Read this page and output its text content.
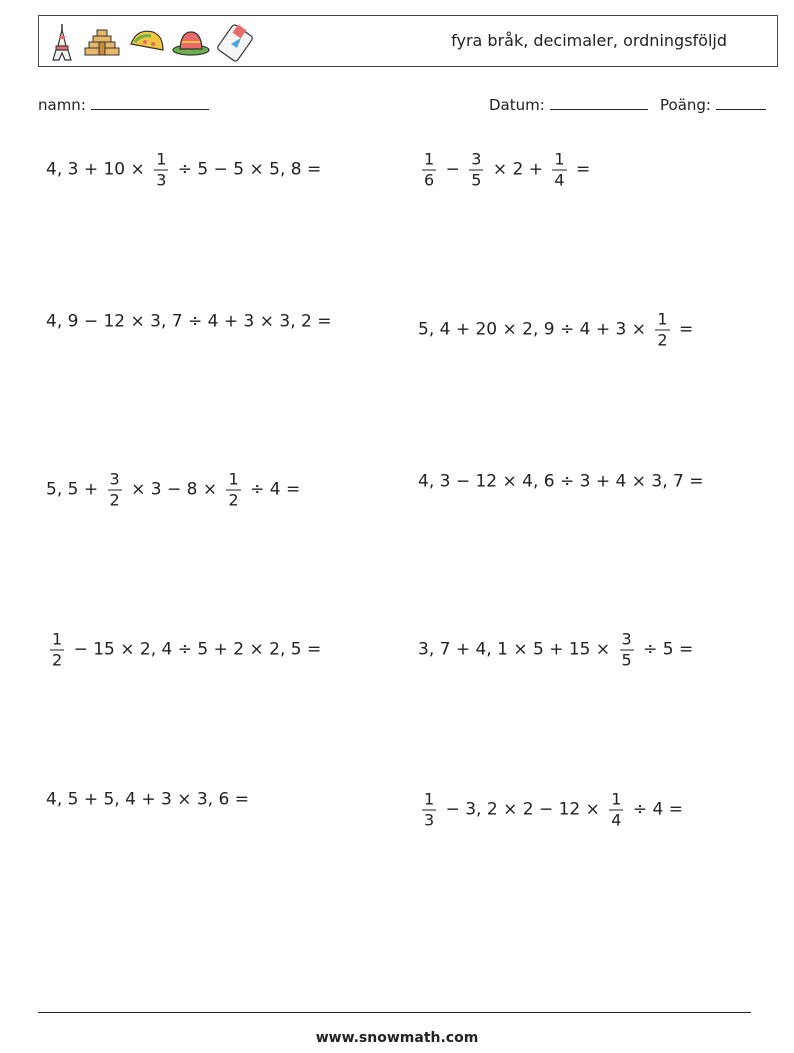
fyra bråk, decimaler, ordningsföljd
namn:	Datum:	Poäng:
4, $3 + 10 \times \frac{1}{3} \div 5 - 5 \times 5$, 8 =	$\frac{1}{6} - \frac{3}{5} \times 2 + \frac{1}{4}$ =
4, 9 − 12 × 3, 7 ÷ 4 + 3 × 3, 2 =	5, 4 + 20 × 2, $9 \div 4 + 3 \times \frac{1}{2}$ =
5, $5 + \frac{3}{2} \times 3 - 8 \times \frac{1}{2} \div 4$ =	4, 3 − 12 × 4, 6 ÷ 3 + 4 × 3, 7 =
$\frac{1}{2} - 15 \times 2$, 4 ÷ 5 + 2 × 2, 5 =	3, 7 + 4, $1 \times 5 + 15 \times \frac{3}{5} \div 5$ =
4, 5 + 5, 4 + 3 × 3, 6 =	$\frac{1}{3} - 3$, $2 \times 2 - 12 \times \frac{1}{4} \div 4$ =
www.snowmath.com
